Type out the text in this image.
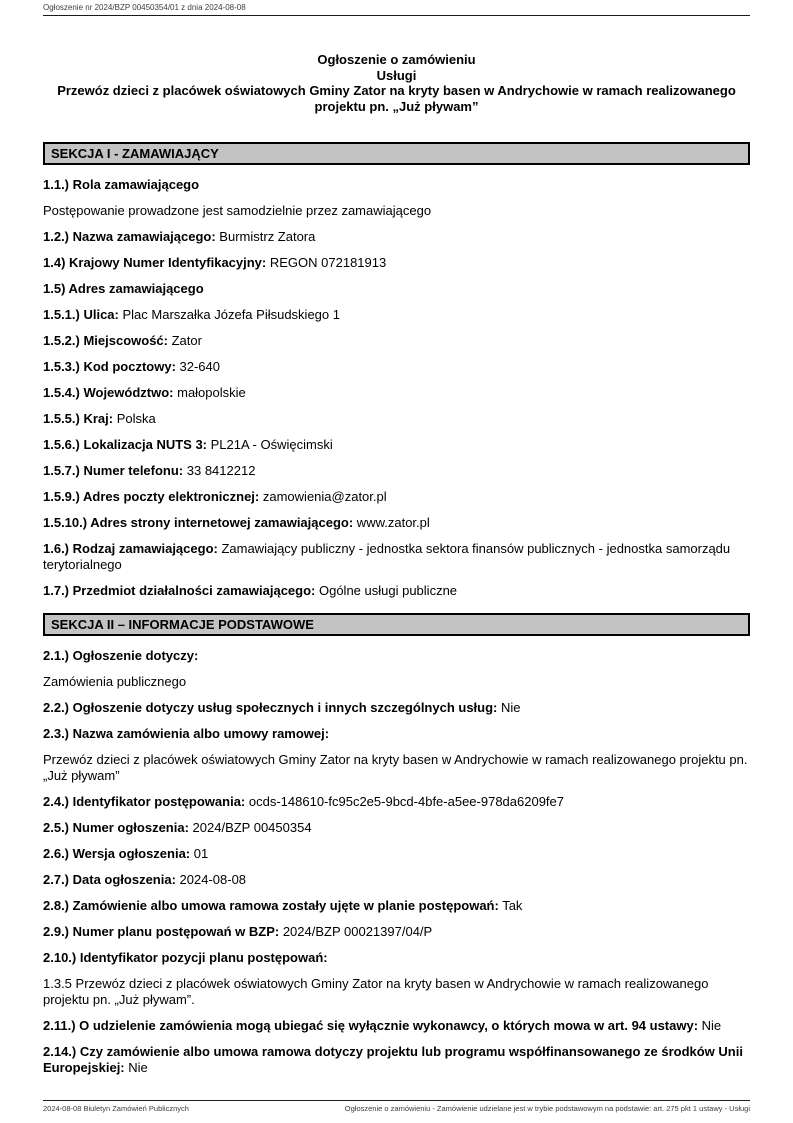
Ogłoszenie nr 2024/BZP 00450354/01 z dnia 2024-08-08
Ogłoszenie o zamówieniu
Usługi
Przewóz dzieci z placówek oświatowych Gminy Zator na kryty basen w Andrychowie w ramach realizowanego projektu pn. „Już pływam”
SEKCJA I - ZAMAWIAJĄCY

1.1.) Rola zamawiającego

Postępowanie prowadzone jest samodzielnie przez zamawiającego

1.2.) Nazwa zamawiającego: Burmistrz Zatora

1.4) Krajowy Numer Identyfikacyjny: REGON 072181913

1.5) Adres zamawiającego

1.5.1.) Ulica: Plac Marszałka Józefa Piłsudskiego 1

1.5.2.) Miejscowość: Zator

1.5.3.) Kod pocztowy: 32-640

1.5.4.) Województwo: małopolskie

1.5.5.) Kraj: Polska

1.5.6.) Lokalizacja NUTS 3: PL21A - Oświęcimski

1.5.7.) Numer telefonu: 33 8412212

1.5.9.) Adres poczty elektronicznej: zamowienia@zator.pl

1.5.10.) Adres strony internetowej zamawiającego: www.zator.pl

1.6.) Rodzaj zamawiającego: Zamawiający publiczny - jednostka sektora finansów publicznych - jednostka samorządu terytorialnego

1.7.) Przedmiot działalności zamawiającego: Ogólne usługi publiczne

SEKCJA II – INFORMACJE PODSTAWOWE

2.1.) Ogłoszenie dotyczy:

Zamówienia publicznego

2.2.) Ogłoszenie dotyczy usług społecznych i innych szczególnych usług: Nie

2.3.) Nazwa zamówienia albo umowy ramowej:

Przewóz dzieci z placówek oświatowych Gminy Zator na kryty basen w Andrychowie w ramach realizowanego projektu pn. „Już pływam”

2.4.) Identyfikator postępowania: ocds-148610-fc95c2e5-9bcd-4bfe-a5ee-978da6209fe7

2.5.) Numer ogłoszenia: 2024/BZP 00450354

2.6.) Wersja ogłoszenia: 01

2.7.) Data ogłoszenia: 2024-08-08

2.8.) Zamówienie albo umowa ramowa zostały ujęte w planie postępowań: Tak

2.9.) Numer planu postępowań w BZP: 2024/BZP 00021397/04/P

2.10.) Identyfikator pozycji planu postępowań:

1.3.5 Przewóz dzieci z placówek oświatowych Gminy Zator na kryty basen w Andrychowie w ramach realizowanego projektu pn. „Już pływam”.

2.11.) O udzielenie zamówienia mogą ubiegać się wyłącznie wykonawcy, o których mowa w art. 94 ustawy: Nie

2.14.) Czy zamówienie albo umowa ramowa dotyczy projektu lub programu współfinansowanego ze środków Unii Europejskiej: Nie

2024-08-08 Biuletyn Zamówień Publicznych	Ogłoszenie o zamówieniu - Zamówienie udzielane jest w trybie podstawowym na podstawie: art. 275 pkt 1 ustawy - Usługi
